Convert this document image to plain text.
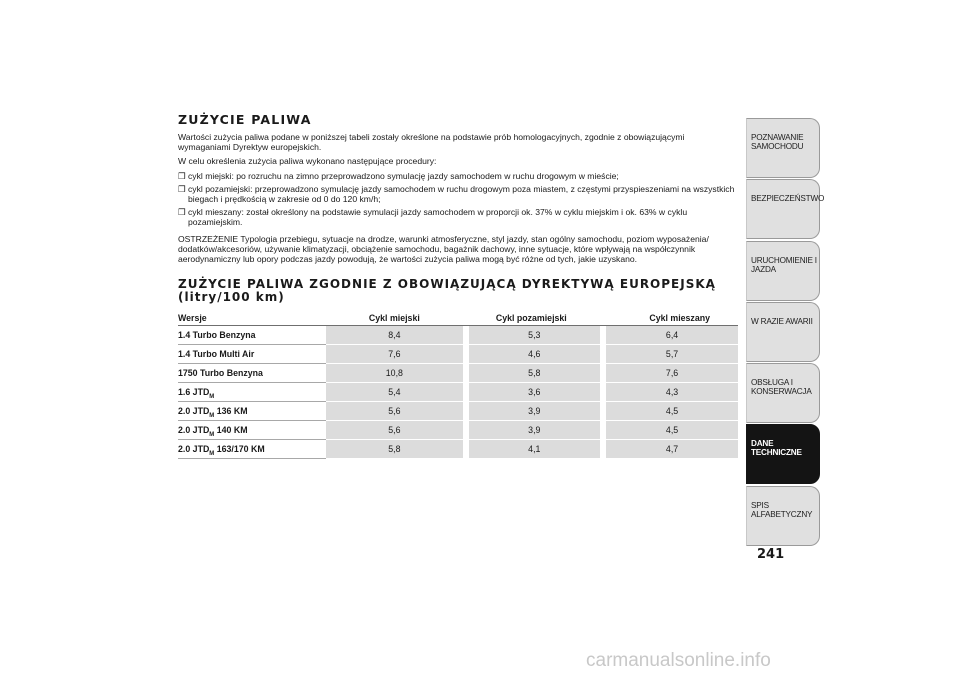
ZUŻYCIE PALIWA

Wartości zużycia paliwa podane w poniższej tabeli zostały określone na podstawie prób homologacyjnych, zgodnie z obowiązującymi wymaganiami Dyrektyw europejskich.

W celu określenia zużycia paliwa wykonano następujące procedury:

❒ cykl miejski: po rozruchu na zimno przeprowadzono symulację jazdy samochodem w ruchu drogowym w mieście;
❒ cykl pozamiejski: przeprowadzono symulację jazdy samochodem w ruchu drogowym poza miastem, z częstymi przyspieszeniami na wszystkich biegach i prędkością w zakresie od 0 do 120 km/h;
❒ cykl mieszany: został określony na podstawie symulacji jazdy samochodem w proporcji ok. 37% w cyklu miejskim i ok. 63% w cyklu pozamiejskim.

OSTRZEŻENIE Typologia przebiegu, sytuacje na drodze, warunki atmosferyczne, styl jazdy, stan ogólny samochodu, poziom wyposażenia/ dodatków/akcesoriów, używanie klimatyzacji, obciążenie samochodu, bagażnik dachowy, inne sytuacje, które wpływają na współczynnik aerodynamiczny lub opory podczas jazdy powodują, że wartości zużycia paliwa mogą być różne od tych, jakie uzyskano.

ZUŻYCIE PALIWA ZGODNIE Z OBOWIĄZUJĄCĄ DYREKTYWĄ EUROPEJSKĄ
(litry/100 km)
Wersje	Cykl miejski	Cykl pozamiejski	Cykl mieszany
1.4 Turbo Benzyna	8,4	5,3	6,4
1.4 Turbo Multi Air	7,6	4,6	5,7
1750 Turbo Benzyna	10,8	5,8	7,6
1.6 $JTD_M$	5,4	3,6	4,3
2.0 $JTD_M$ 136 KM	5,6	3,9	4,5
2.0 $JTD_M$ 140 KM	5,6	3,9	4,5
2.0 $JTD_M$ 163/170 KM	5,8	4,1	4,7
POZNAWANIE
SAMOCHODU
BEZPIECZEŃSTWO

URUCHOMIENIE I
JAZDA
W RAZIE AWARII

OBSŁUGA I
KONSERWACJA
DANE
TECHNICZNE
SPIS ALFABETYCZNY

241
carmanualsonline.info
